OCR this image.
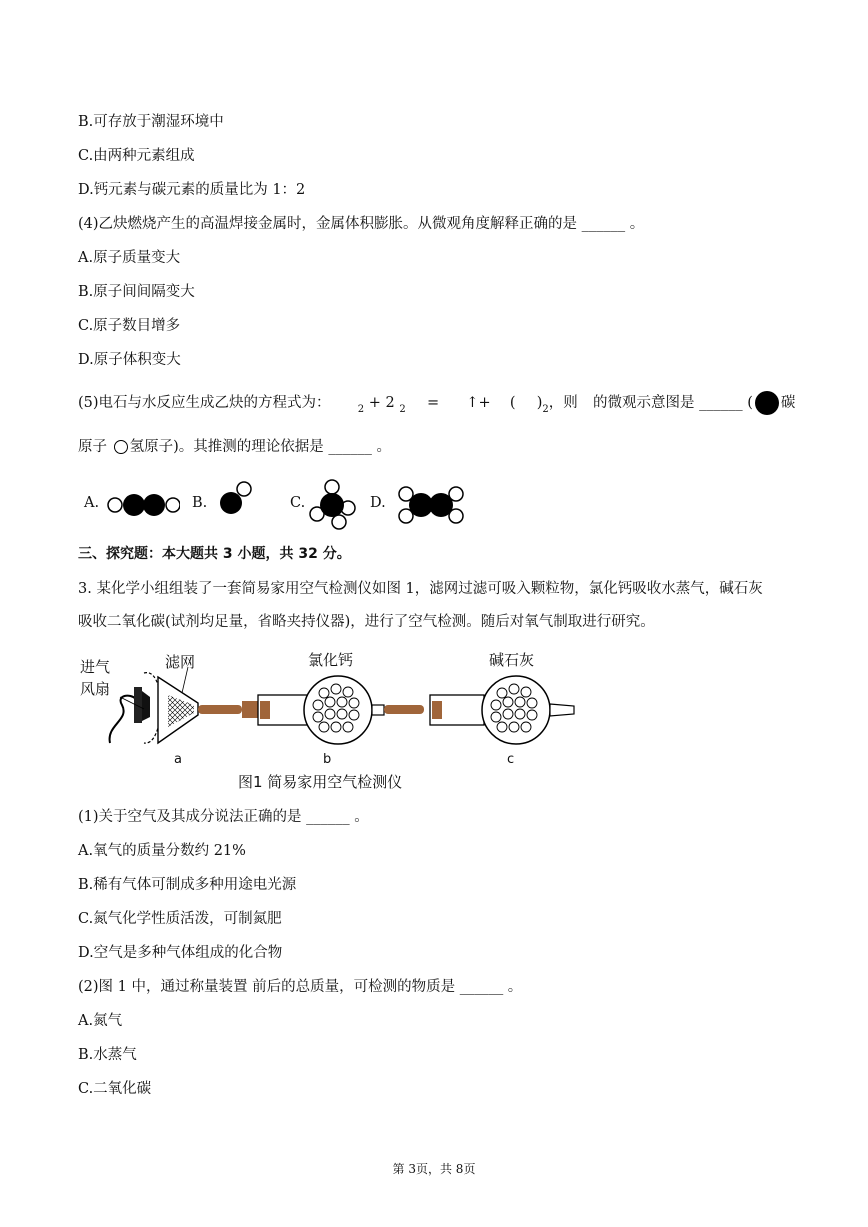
B.可存放于潮湿环境中
C.由两种元素组成
D.钙元素与碳元素的质量比为 1：2
(4)乙炔燃烧产生的高温焊接金属时，金属体积膨胀。从微观角度解释正确的是 ______ 。
A.原子质量变大
B.原子间间隔变大
C.原子数目增多
D.原子体积变大
(5)电石与水反应生成乙炔的方程式为：	$_2$ + 2 $_2$ = ↑+ ( )$_2$，则 的微观示意图是 ______ ( 碳
原子 氢原子)。其推测的理论依据是 ______ 。
A.	B.	C.	D.
三、探究题：本大题共 3 小题，共 32 分。
3. 某化学小组组装了一套简易家用空气检测仪如图 1，滤网过滤可吸入颗粒物，氯化钙吸收水蒸气，碱石灰
吸收二氧化碳(试剂均足量，省略夹持仪器)，进行了空气检测。随后对氧气制取进行研究。
进气
风扇
滤网	氯化钙	碱石灰
a	b	c
图1 简易家用空气检测仪
(1)关于空气及其成分说法正确的是 ______ 。
A.氧气的质量分数约 21%
B.稀有气体可制成多种用途电光源
C.氮气化学性质活泼，可制氮肥
D.空气是多种气体组成的化合物
(2)图 1 中，通过称量装置 前后的总质量，可检测的物质是 ______ 。
A.氮气
B.水蒸气
C.二氧化碳
第 3页，共 8页
